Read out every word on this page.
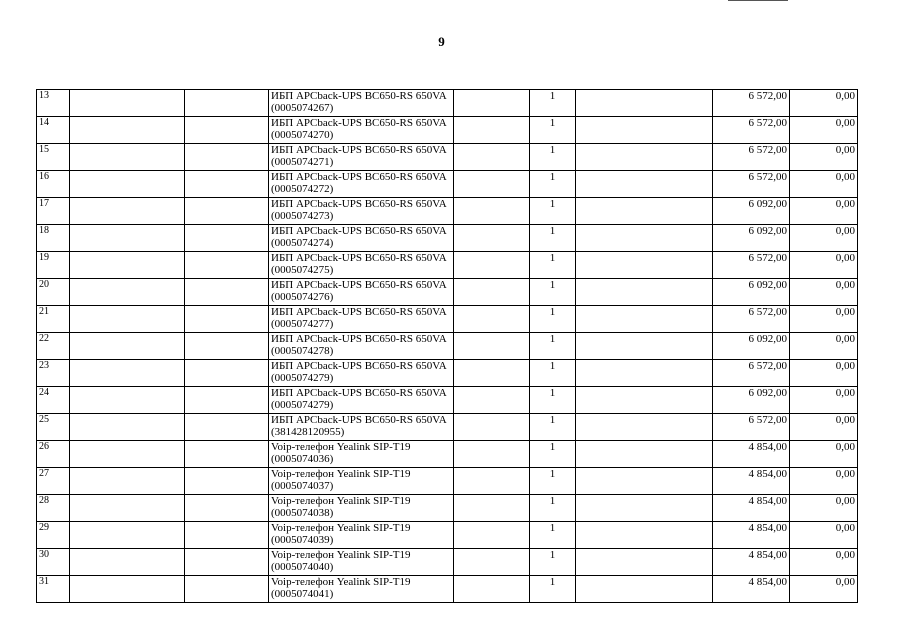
9
13			ИБП APCback-UPS BC650-RS 650VA (0005074267)		1		6 572,00	0,00
14			ИБП APCback-UPS BC650-RS 650VA (0005074270)		1		6 572,00	0,00
15			ИБП APCback-UPS BC650-RS 650VA (0005074271)		1		6 572,00	0,00
16			ИБП APCback-UPS BC650-RS 650VA (0005074272)		1		6 572,00	0,00
17			ИБП APCback-UPS BC650-RS 650VA (0005074273)		1		6 092,00	0,00
18			ИБП APCback-UPS BC650-RS 650VA (0005074274)		1		6 092,00	0,00
19			ИБП APCback-UPS BC650-RS 650VA (0005074275)		1		6 572,00	0,00
20			ИБП APCback-UPS BC650-RS 650VA (0005074276)		1		6 092,00	0,00
21			ИБП APCback-UPS BC650-RS 650VA (0005074277)		1		6 572,00	0,00
22			ИБП APCback-UPS BC650-RS 650VA (0005074278)		1		6 092,00	0,00
23			ИБП APCback-UPS BC650-RS 650VA (0005074279)		1		6 572,00	0,00
24			ИБП APCback-UPS BC650-RS 650VA (0005074279)		1		6 092,00	0,00
25			ИБП APCback-UPS BC650-RS 650VA (381428120955)		1		6 572,00	0,00
26			Voip-телефон Yealink SIP-T19 (0005074036)		1		4 854,00	0,00
27			Voip-телефон Yealink SIP-T19 (0005074037)		1		4 854,00	0,00
28			Voip-телефон Yealink SIP-T19 (0005074038)		1		4 854,00	0,00
29			Voip-телефон Yealink SIP-T19 (0005074039)		1		4 854,00	0,00
30			Voip-телефон Yealink SIP-T19 (0005074040)		1		4 854,00	0,00
31			Voip-телефон Yealink SIP-T19 (0005074041)		1		4 854,00	0,00
